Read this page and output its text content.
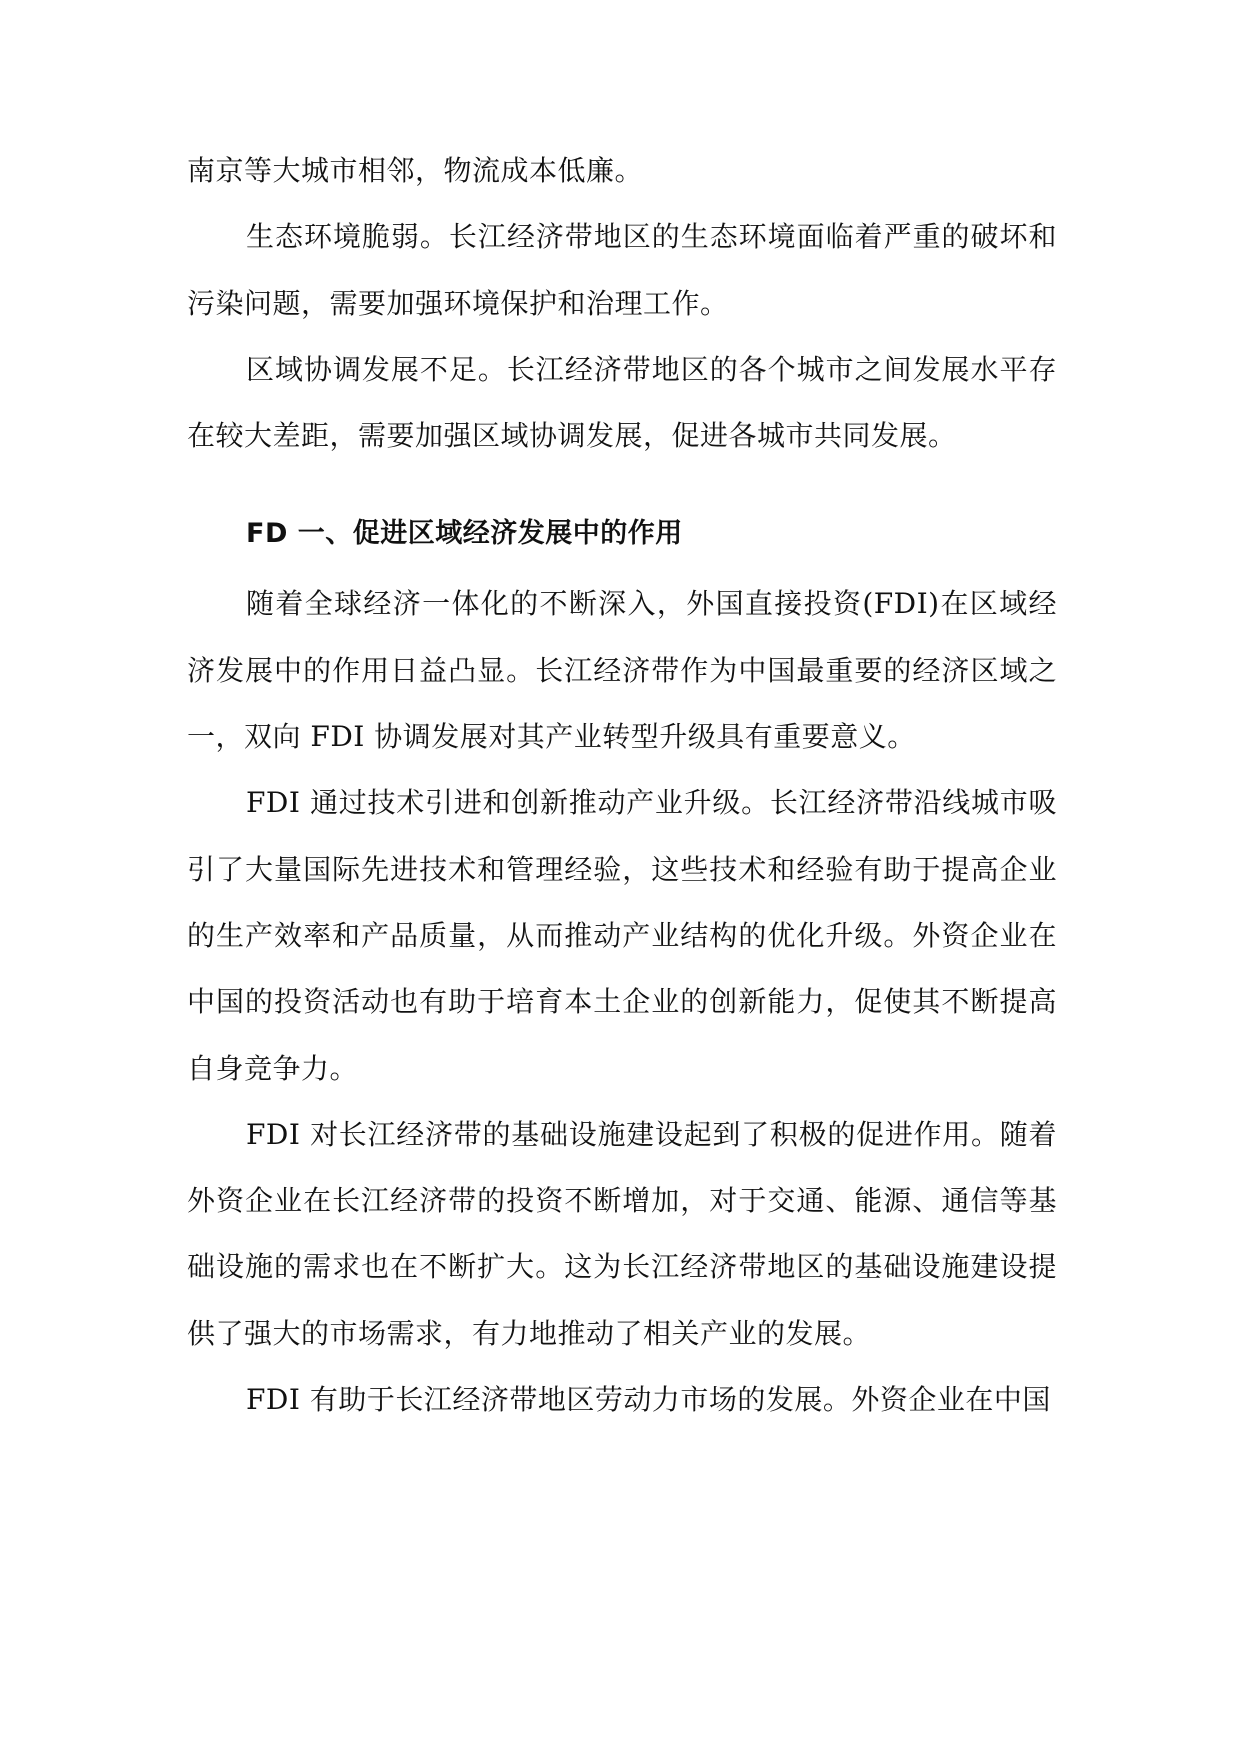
南京等大城市相邻，物流成本低廉。

生态环境脆弱。长江经济带地区的生态环境面临着严重的破坏和污染问题，需要加强环境保护和治理工作。

区域协调发展不足。长江经济带地区的各个城市之间发展水平存在较大差距，需要加强区域协调发展，促进各城市共同发展。

FD 一、促进区域经济发展中的作用

随着全球经济一体化的不断深入，外国直接投资(FDI)在区域经济发展中的作用日益凸显。长江经济带作为中国最重要的经济区域之一，双向 FDI 协调发展对其产业转型升级具有重要意义。

FDI 通过技术引进和创新推动产业升级。长江经济带沿线城市吸引了大量国际先进技术和管理经验，这些技术和经验有助于提高企业的生产效率和产品质量，从而推动产业结构的优化升级。外资企业在中国的投资活动也有助于培育本土企业的创新能力，促使其不断提高自身竞争力。

FDI 对长江经济带的基础设施建设起到了积极的促进作用。随着外资企业在长江经济带的投资不断增加，对于交通、能源、通信等基础设施的需求也在不断扩大。这为长江经济带地区的基础设施建设提供了强大的市场需求，有力地推动了相关产业的发展。

FDI 有助于长江经济带地区劳动力市场的发展。外资企业在中国
